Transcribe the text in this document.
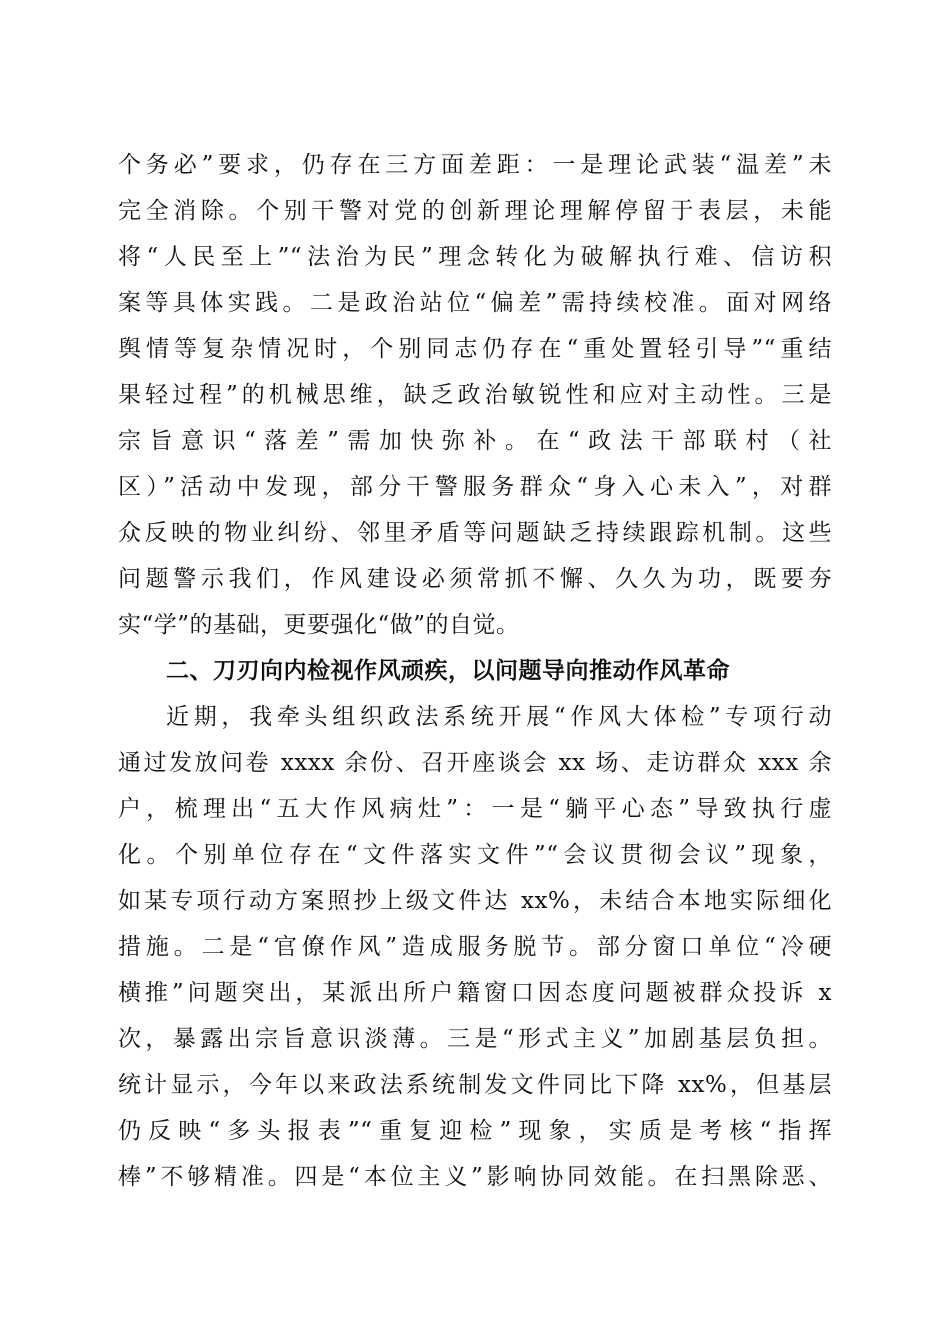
个务必”要求，仍存在三方面差距：一是理论武装“温差”未
完全消除。个别干警对党的创新理论理解停留于表层，未能
将“人民至上”“法治为民”理念转化为破解执行难、信访积
案等具体实践。二是政治站位“偏差”需持续校准。面对网络
舆情等复杂情况时，个别同志仍存在“重处置轻引导”“重结
果轻过程”的机械思维，缺乏政治敏锐性和应对主动性。三是
宗旨意识“落差”需加快弥补。在“政法干部联村（社
区）”活动中发现，部分干警服务群众“身入心未入”，对群
众反映的物业纠纷、邻里矛盾等问题缺乏持续跟踪机制。这些
问题警示我们，作风建设必须常抓不懈、久久为功，既要夯
实“学”的基础，更要强化“做”的自觉。
二、刀刃向内检视作风顽疾，以问题导向推动作风革命
近期，我牵头组织政法系统开展“作风大体检”专项行动
通过发放问卷 xxxx 余份、召开座谈会 xx 场、走访群众 xxx 余
户，梳理出“五大作风病灶”：一是“躺平心态”导致执行虚
化。个别单位存在“文件落实文件”“会议贯彻会议”现象，
如某专项行动方案照抄上级文件达 xx%，未结合本地实际细化
措施。二是“官僚作风”造成服务脱节。部分窗口单位“冷硬
横推”问题突出，某派出所户籍窗口因态度问题被群众投诉 x
次，暴露出宗旨意识淡薄。三是“形式主义”加剧基层负担。
统计显示，今年以来政法系统制发文件同比下降 xx%，但基层
仍反映“多头报表”“重复迎检”现象，实质是考核“指挥
棒”不够精准。四是“本位主义”影响协同效能。在扫黑除恶、
